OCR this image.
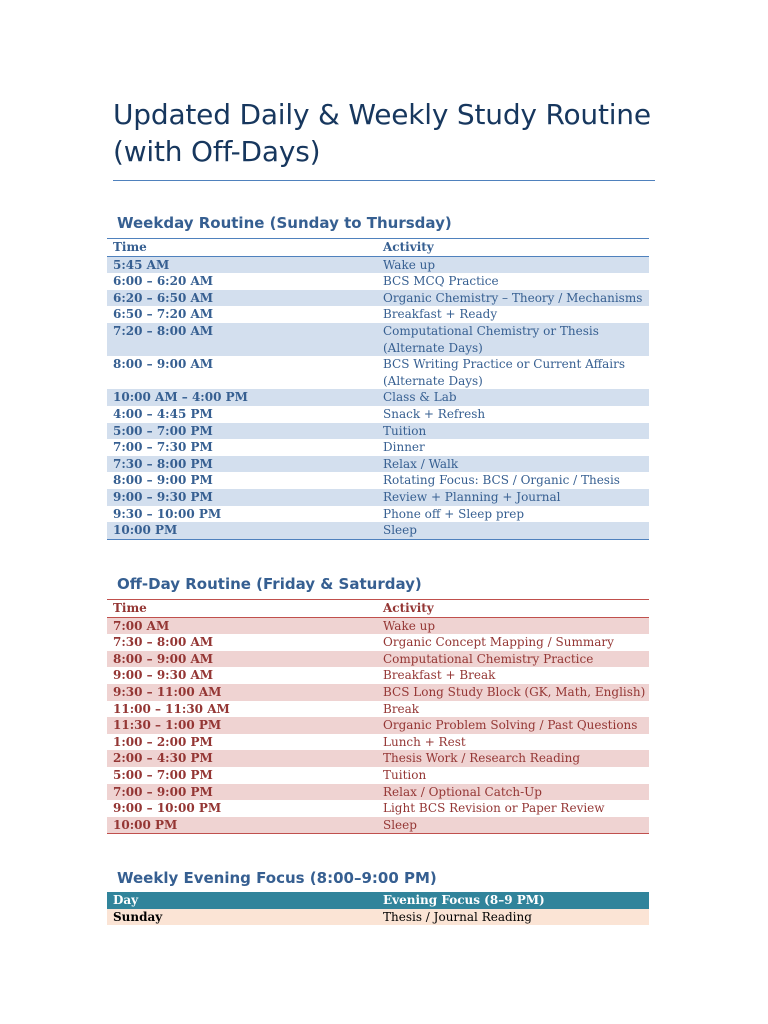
Updated Daily & Weekly Study Routine (with Off-Days)
Weekday Routine (Sunday to Thursday)
Time	Activity
5:45 AM	Wake up
6:00 – 6:20 AM	BCS MCQ Practice
6:20 – 6:50 AM	Organic Chemistry – Theory / Mechanisms
6:50 – 7:20 AM	Breakfast + Ready
7:20 – 8:00 AM	Computational Chemistry or Thesis (Alternate Days)
8:00 – 9:00 AM	BCS Writing Practice or Current Affairs (Alternate Days)
10:00 AM – 4:00 PM	Class & Lab
4:00 – 4:45 PM	Snack + Refresh
5:00 – 7:00 PM	Tuition
7:00 – 7:30 PM	Dinner
7:30 – 8:00 PM	Relax / Walk
8:00 – 9:00 PM	Rotating Focus: BCS / Organic / Thesis
9:00 – 9:30 PM	Review + Planning + Journal
9:30 – 10:00 PM	Phone off + Sleep prep
10:00 PM	Sleep
Off-Day Routine (Friday & Saturday)
Time	Activity
7:00 AM	Wake up
7:30 – 8:00 AM	Organic Concept Mapping / Summary
8:00 – 9:00 AM	Computational Chemistry Practice
9:00 – 9:30 AM	Breakfast + Break
9:30 – 11:00 AM	BCS Long Study Block (GK, Math, English)
11:00 – 11:30 AM	Break
11:30 – 1:00 PM	Organic Problem Solving / Past Questions
1:00 – 2:00 PM	Lunch + Rest
2:00 – 4:30 PM	Thesis Work / Research Reading
5:00 – 7:00 PM	Tuition
7:00 – 9:00 PM	Relax / Optional Catch-Up
9:00 – 10:00 PM	Light BCS Revision or Paper Review
10:00 PM	Sleep
Weekly Evening Focus (8:00–9:00 PM)
Day	Evening Focus (8–9 PM)
Sunday	Thesis / Journal Reading
